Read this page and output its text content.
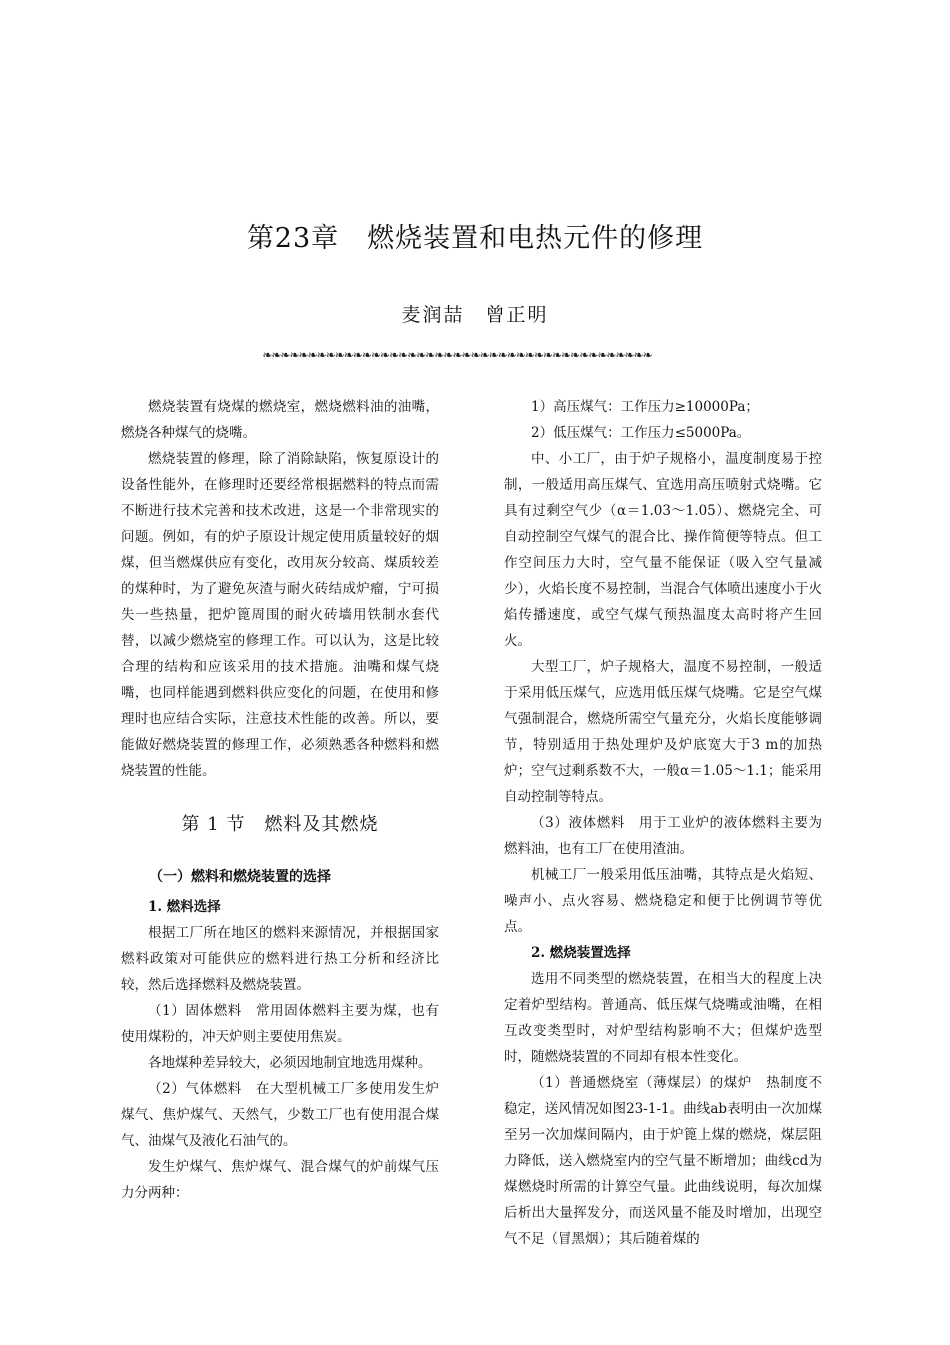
第23章　燃烧装置和电热元件的修理
麦润喆　曾正明
❧❧❧❧❧❧❧❧❧❧❧❧❧❧❧❧❧❧❧❧❧❧❧❧❧❧❧❧❧❧❧❧❧❧❧❧❧❧❧❧❧❧❧

燃烧装置有烧煤的燃烧室，燃烧燃料油的油嘴，燃烧各种煤气的烧嘴。

燃烧装置的修理，除了消除缺陷，恢复原设计的设备性能外，在修理时还要经常根据燃料的特点而需不断进行技术完善和技术改进，这是一个非常现实的问题。例如，有的炉子原设计规定使用质量较好的烟煤，但当燃煤供应有变化，改用灰分较高、煤质较差的煤种时，为了避免灰渣与耐火砖结成炉瘤，宁可损失一些热量，把炉篦周围的耐火砖墙用铁制水套代替，以减少燃烧室的修理工作。可以认为，这是比较合理的结构和应该采用的技术措施。油嘴和煤气烧嘴，也同样能遇到燃料供应变化的问题，在使用和修理时也应结合实际，注意技术性能的改善。所以，要能做好燃烧装置的修理工作，必须熟悉各种燃料和燃烧装置的性能。

第 1 节　燃料及其燃烧
（一）燃料和燃烧装置的选择

1. 燃料选择

根据工厂所在地区的燃料来源情况，并根据国家燃料政策对可能供应的燃料进行热工分析和经济比较，然后选择燃料及燃烧装置。

（1）固体燃料　常用固体燃料主要为煤，也有使用煤粉的，冲天炉则主要使用焦炭。

各地煤种差异较大，必须因地制宜地选用煤种。

（2）气体燃料　在大型机械工厂多使用发生炉煤气、焦炉煤气、天然气，少数工厂也有使用混合煤气、油煤气及液化石油气的。

发生炉煤气、焦炉煤气、混合煤气的炉前煤气压力分两种：

1）高压煤气：工作压力≥10000Pa；

2）低压煤气：工作压力≤5000Pa。

中、小工厂，由于炉子规格小，温度制度易于控制，一般适用高压煤气、宜选用高压喷射式烧嘴。它具有过剩空气少（α＝1.03～1.05）、燃烧完全、可自动控制空气煤气的混合比、操作简便等特点。但工作空间压力大时，空气量不能保证（吸入空气量减少），火焰长度不易控制，当混合气体喷出速度小于火焰传播速度，或空气煤气预热温度太高时将产生回火。

大型工厂，炉子规格大，温度不易控制，一般适于采用低压煤气，应选用低压煤气烧嘴。它是空气煤气强制混合，燃烧所需空气量充分，火焰长度能够调节，特别适用于热处理炉及炉底宽大于3 m的加热炉；空气过剩系数不大，一般α＝1.05～1.1；能采用自动控制等特点。

（3）液体燃料　用于工业炉的液体燃料主要为燃料油，也有工厂在使用渣油。

机械工厂一般采用低压油嘴，其特点是火焰短、噪声小、点火容易、燃烧稳定和便于比例调节等优点。

2. 燃烧装置选择

选用不同类型的燃烧装置，在相当大的程度上决定着炉型结构。普通高、低压煤气烧嘴或油嘴，在相互改变类型时，对炉型结构影响不大；但煤炉选型时，随燃烧装置的不同却有根本性变化。

（1）普通燃烧室（薄煤层）的煤炉　热制度不稳定，送风情况如图23-1-1。曲线ab表明由一次加煤至另一次加煤间隔内，由于炉篦上煤的燃烧，煤层阻力降低，送入燃烧室内的空气量不断增加；曲线cd为煤燃烧时所需的计算空气量。此曲线说明，每次加煤后析出大量挥发分，而送风量不能及时增加，出现空气不足（冒黑烟）；其后随着煤的
